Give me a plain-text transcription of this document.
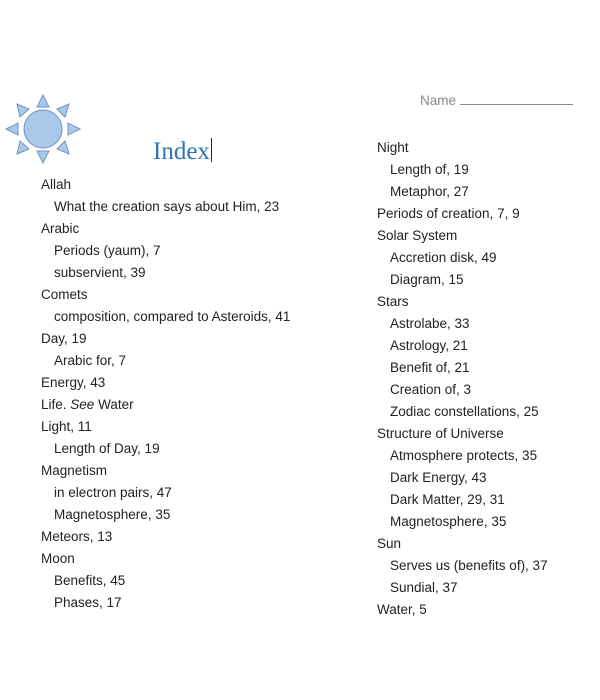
Name
Index
Allah
What the creation says about Him, 23
Arabic
Periods (yaum), 7
subservient, 39
Comets
composition, compared to Asteroids, 41
Day, 19
Arabic for, 7
Energy, 43
Life. See Water
Light, 11
Length of Day, 19
Magnetism
in electron pairs, 47
Magnetosphere, 35
Meteors, 13
Moon
Benefits, 45
Phases, 17
Night
Length of, 19
Metaphor, 27
Periods of creation, 7, 9
Solar System
Accretion disk, 49
Diagram, 15
Stars
Astrolabe, 33
Astrology, 21
Benefit of, 21
Creation of, 3
Zodiac constellations, 25
Structure of Universe
Atmosphere protects, 35
Dark Energy, 43
Dark Matter, 29, 31
Magnetosphere, 35
Sun
Serves us (benefits of), 37
Sundial, 37
Water, 5
